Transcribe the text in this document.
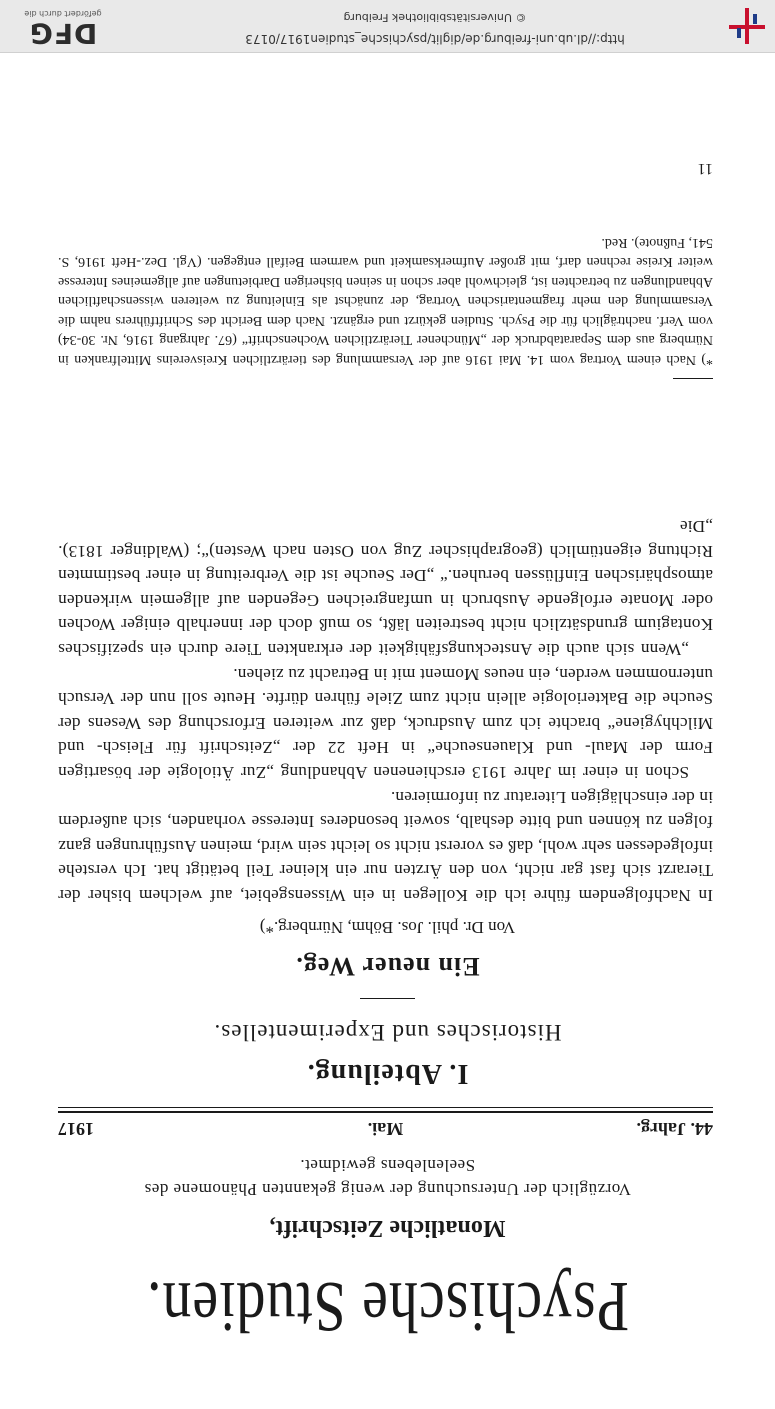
Psychische Studien.
Monatliche Zeitschrift,
Vorzüglich der Untersuchung der wenig gekannten Phänomene des
Seelenlebens gewidmet.
44. Jahrg.
Mai.
1917
I. Abteilung.
Historisches und Experimentelles.
Ein neuer Weg.
Von Dr. phil. Jos. Böhm, Nürnberg.*)

In Nachfolgendem führe ich die Kollegen in ein Wissensgebiet, auf welchem bisher der Tierarzt sich fast gar nicht, von den Ärzten nur ein kleiner Teil betätigt hat. Ich verstehe infolgedessen sehr wohl, daß es vorerst nicht so leicht sein wird, meinen Ausführungen ganz folgen zu können und bitte deshalb, soweit besonderes Interesse vorhanden, sich außerdem in der einschlägigen Literatur zu informieren.

Schon in einer im Jahre 1913 erschienenen Abhandlung „Zur Ätiologie der bösartigen Form der Maul- und Klauenseuche“ in Heft 22 der „Zeitschrift für Fleisch- und Milchhygiene“ brachte ich zum Ausdruck, daß zur weiteren Erforschung des Wesens der Seuche die Bakteriologie allein nicht zum Ziele führen dürfte. Heute soll nun der Versuch unternommen werden, ein neues Moment mit in Betracht zu ziehen.

„Wenn sich auch die Ansteckungsfähigkeit der erkrankten Tiere durch ein spezifisches Kontagium grundsätzlich nicht bestreiten läßt, so muß doch der innerhalb einiger Wochen oder Monate erfolgende Ausbruch in umfangreichen Gegenden auf allgemein wirkenden atmosphärischen Einflüssen beruhen.“ „Der Seuche ist die Verbreitung in einer bestimmten Richtung eigentümlich (geographischer Zug von Osten nach Westen)“; (Waldinger 1813). „Die

*) Nach einem Vortrag vom 14. Mai 1916 auf der Versammlung des tierärztlichen Kreisvereins Mittelfranken in Nürnberg aus dem Separatabdruck der „Münchener Tierärztlichen Wochenschrift“ (67. Jahrgang 1916, Nr. 30-34) vom Verf. nachträglich für die Psych. Studien gekürzt und ergänzt. Nach dem Bericht des Schriftführers nahm die Versammlung den mehr fragmentarischen Vortrag, der zunächst als Einleitung zu weiteren wissenschaftlichen Abhandlungen zu betrachten ist, gleichwohl aber schon in seinen bisherigen Darbietungen auf allgemeines Interesse weiter Kreise rechnen darf, mit großer Aufmerksamkeit und warmem Beifall entgegen. (Vgl. Dez.-Heft 1916, S. 541, Fußnote). Red.
11
http://dl.ub.uni-freiburg.de/diglit/psychische_studien1917/0173
© Universitätsbibliothek Freiburg
DFG
gefördert durch die
